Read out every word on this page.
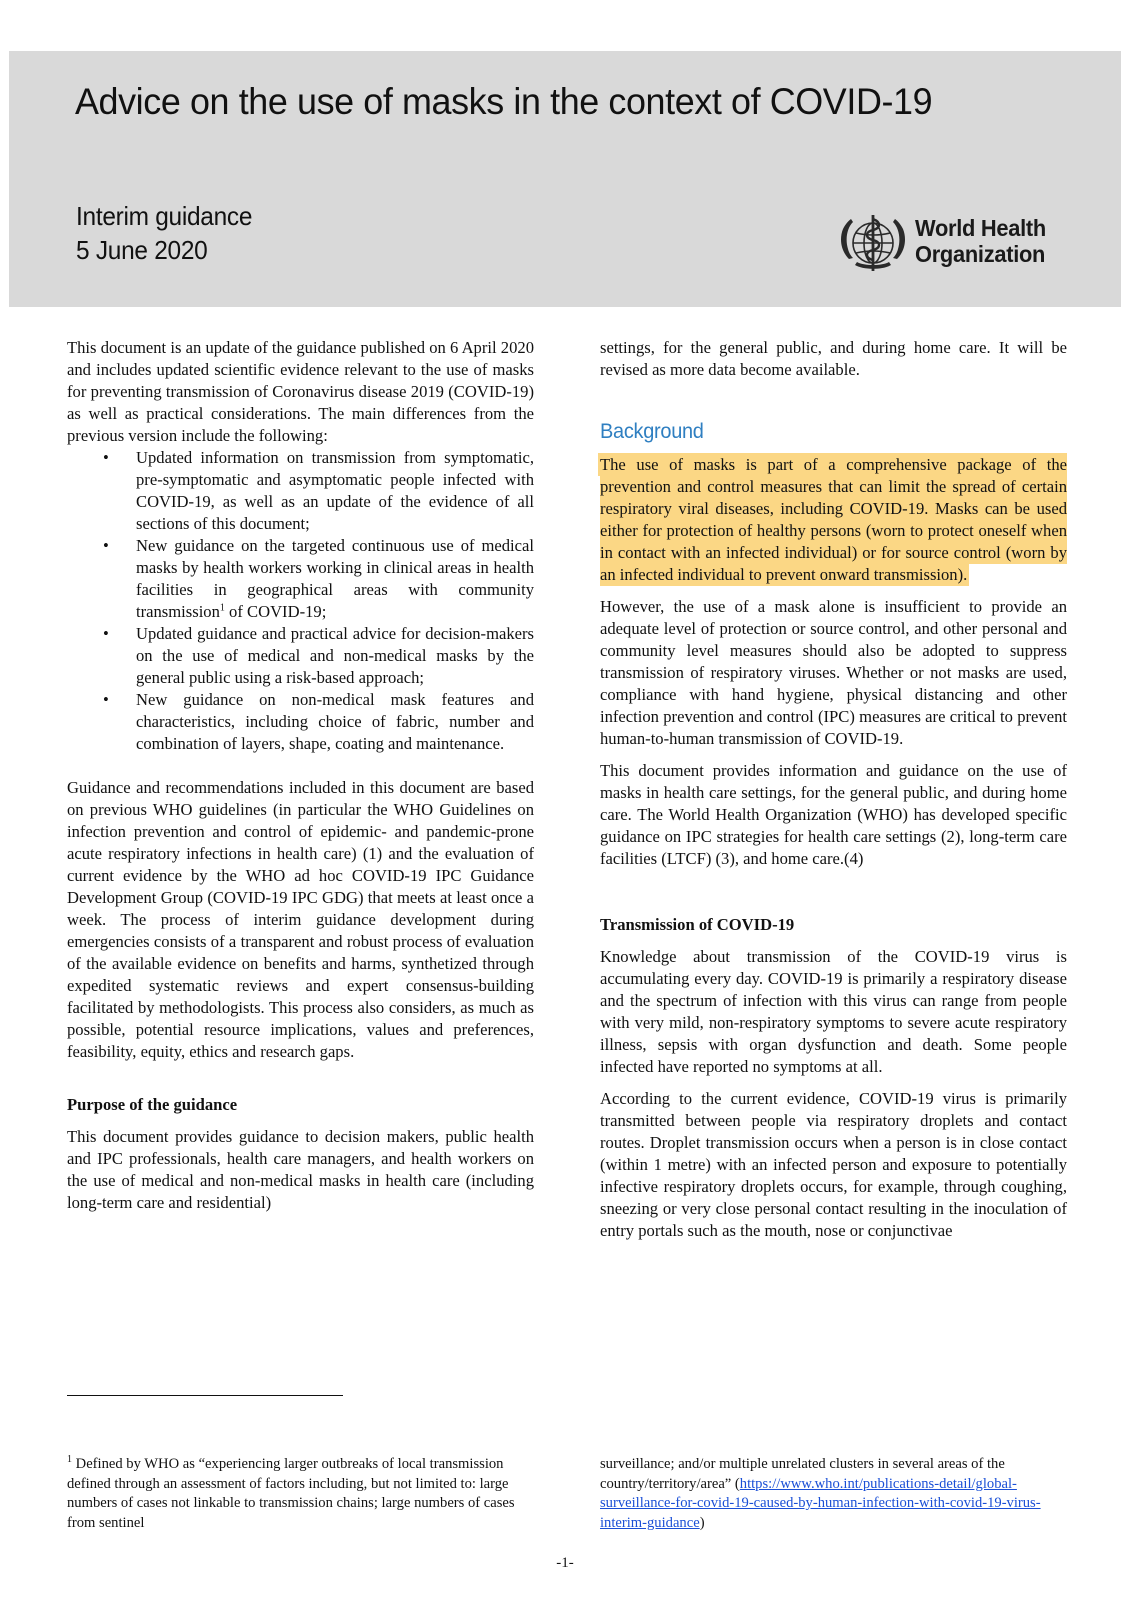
Advice on the use of masks in the context of COVID-19
Interim guidance
5 June 2020
World Health
Organization

This document is an update of the guidance published on 6 April 2020 and includes updated scientific evidence relevant to the use of masks for preventing transmission of Coronavirus disease 2019 (COVID-19) as well as practical considerations. The main differences from the previous version include the following:

• Updated information on transmission from symptomatic, pre-symptomatic and asymptomatic people infected with COVID-19, as well as an update of the evidence of all sections of this document;
• New guidance on the targeted continuous use of medical masks by health workers working in clinical areas in health facilities in geographical areas with community transmission$^1$ of COVID-19;
• Updated guidance and practical advice for decision-makers on the use of medical and non-medical masks by the general public using a risk-based approach;
• New guidance on non-medical mask features and characteristics, including choice of fabric, number and combination of layers, shape, coating and maintenance.

Guidance and recommendations included in this document are based on previous WHO guidelines (in particular the WHO Guidelines on infection prevention and control of epidemic- and pandemic-prone acute respiratory infections in health care) (1) and the evaluation of current evidence by the WHO ad hoc COVID-19 IPC Guidance Development Group (COVID-19 IPC GDG) that meets at least once a week. The process of interim guidance development during emergencies consists of a transparent and robust process of evaluation of the available evidence on benefits and harms, synthetized through expedited systematic reviews and expert consensus-building facilitated by methodologists. This process also considers, as much as possible, potential resource implications, values and preferences, feasibility, equity, ethics and research gaps.

Purpose of the guidance

This document provides guidance to decision makers, public health and IPC professionals, health care managers, and health workers on the use of medical and non-medical masks in health care (including long-term care and residential)

settings, for the general public, and during home care. It will be revised as more data become available.

Background

The use of masks is part of a comprehensive package of the prevention and control measures that can limit the spread of certain respiratory viral diseases, including COVID-19. Masks can be used either for protection of healthy persons (worn to protect oneself when in contact with an infected individual) or for source control (worn by an infected individual to prevent onward transmission).

However, the use of a mask alone is insufficient to provide an adequate level of protection or source control, and other personal and community level measures should also be adopted to suppress transmission of respiratory viruses. Whether or not masks are used, compliance with hand hygiene, physical distancing and other infection prevention and control (IPC) measures are critical to prevent human-to-human transmission of COVID-19.

This document provides information and guidance on the use of masks in health care settings, for the general public, and during home care. The World Health Organization (WHO) has developed specific guidance on IPC strategies for health care settings (2), long-term care facilities (LTCF) (3), and home care.(4)

Transmission of COVID-19

Knowledge about transmission of the COVID-19 virus is accumulating every day. COVID-19 is primarily a respiratory disease and the spectrum of infection with this virus can range from people with very mild, non-respiratory symptoms to severe acute respiratory illness, sepsis with organ dysfunction and death. Some people infected have reported no symptoms at all.

According to the current evidence, COVID-19 virus is primarily transmitted between people via respiratory droplets and contact routes. Droplet transmission occurs when a person is in close contact (within 1 metre) with an infected person and exposure to potentially infective respiratory droplets occurs, for example, through coughing, sneezing or very close personal contact resulting in the inoculation of entry portals such as the mouth, nose or conjunctivae

$^1$ Defined by WHO as “experiencing larger outbreaks of local transmission defined through an assessment of factors including, but not limited to: large numbers of cases not linkable to transmission chains; large numbers of cases from sentinel
surveillance; and/or multiple unrelated clusters in several areas of the country/territory/area” (https://www.who.int/publications-detail/global-surveillance-for-covid-19-caused-by-human-infection-with-covid-19-virus-interim-guidance)
-1-
